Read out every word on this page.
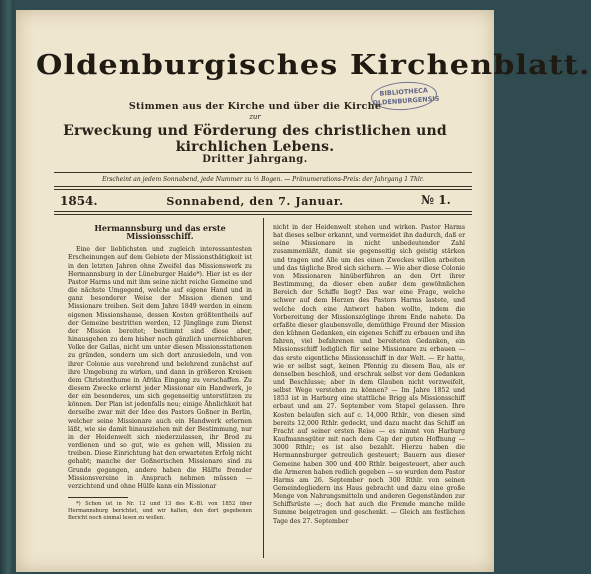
Oldenburgisches Kirchenblatt.
BIBLIOTHECA
OLDENBURGENSIS
Stimmen aus der Kirche und über die Kirche
zur
Erweckung und Förderung des christlichen und kirchlichen Lebens.
Dritter Jahrgang.
Erscheint an jedem Sonnabend, jede Nummer zu ½ Bogen. — Pränumerations-Preis: der Jahrgang 1 Thlr.
1854.	Sonnabend, den 7. Januar.	№ 1.
Hermannsburg und das erste Missionsschiff.

Eine der lieblichsten und zugleich interessantesten Erscheinungen auf dem Gebiete der Missionsthätigkeit ist in den letzten Jahren ohne Zweifel das Missionswerk zu Hermannsburg in der Lüneburger Haide*). Hier ist es der Pastor Harms und mit ihm seine nicht reiche Gemeine und die nächste Umgegend, welche auf eigene Hand und in ganz besonderer Weise der Mission dienen und Missionare treiben. Seit dem Jahre 1849 werden in einem eigenen Missionshause, dessen Kosten größtentheils auf der Gemeine bestritten werden, 12 Jünglinge zum Dienst der Mission bereitet; bestimmt sind diese aber, hinausgehen zu dem bisher noch gänzlich unerreichbaren Volke der Gallas, nicht um unter diesen Missionsstationen zu gründen, sondern um sich dort anzusiedeln, und von ihrer Colonie aus verehrend und belehrend zunächst auf ihre Umgebung zu wirken, und dann in größeren Kreisen dem Christenthume in Afrika Eingang zu verschaffen. Zu diesem Zwecke erlernt jeder Missionar ein Handwerk, je der ein besonderes, um sich gegenseitig unterstützen zu können. Der Plan ist jedenfalls neu; einige Ähnlichkeit hat derselbe zwar mit der Idee des Pastors Goßner in Berlin, welcher seine Missionare auch ein Handwerk erlernen läßt, wie sie damit hinausziehen mit der Bestimmung, nur in der Heidenwelt sich niederzulassen, ihr Brod zu verdienen und so gut, wie es gehen will, Mission zu treiben. Diese Einrichtung hat den erwarteten Erfolg nicht gehabt; manche der Goßnerischen Missionare sind zu Grunde gegangen, andere haben die Hälfte fremder Missionsvereine in Anspruch nehmen müssen — verzichtend und ohne Hülfe kann ein Missionar

*) Schon ist in Nr. 12 und 13 des K.-Bl. von 1852 über Hermannsburg berichtet, und wir halten, den dort gegebenen Bericht noch einmal lesen zu wollen.

nicht in der Heidenwelt stehen und wirken. Pastor Harms hat dieses selber erkannt, und vermeidet ihn dadurch, daß er seine Missionare in nicht unbedeutender Zahl zusammenläßt, damit sie gegenseitig sich geistig stärken und tragen und Alle um des einen Zweckes willen arbeiten und das tägliche Brod sich sichern. — Wie aber diese Colonie von Missionaren hinüberführen an den Ort ihrer Bestimmung, da dieser eben außer dem gewöhnlichen Bereich der Schiffe liegt? Das war eine Frage, welche schwer auf dem Herzen des Pastors Harms lastete, und welche doch eine Antwort haben wollte, indem die Vorbereitung der Missionszöglinge ihrem Ende nahete. Da erfaßte dieser glaubensvolle, demüthige Freund der Mission den kühnen Gedanken, ein eigenes Schiff zu erbauen und ihn fahren, viel befahrenen und bereiteten Gedanken, ein Missionsschiff lediglich für seine Missionare zu erbauen — das erste eigentliche Missionsschiff in der Welt. — Er hatte, wie er selbst sagt, keinen Pfennig zu diesem Bau, als er denselben beschloß, und erschrak selbst vor dem Gedanken und Beschlusse; aber in dem Glauben nicht verzweifelt, selbst Wege verstehen zu können? — Im Jahre 1852 und 1853 ist in Harburg eine stattliche Brigg als Missionsschiff erbaut und am 27. September vom Stapel gelassen. Ihre Kosten belaufen sich auf c. 14,000 Rthlr., von diesen sind bereits 12,000 Rthlr. gedeckt, und dazu macht das Schiff an Fracht auf seiner ersten Reise — es nimmt von Harburg Kaufmannsgüter mit nach dem Cap der guten Hoffnung — 3000 Rthlr.; es ist also bezahlt. Hierzu haben die Hermannsburger getreulich gesteuert; Bauern aus dieser Gemeine haben 300 und 400 Rthlr. beigesteuert, aber auch die Armeren haben redlich gegeben — so wurden dem Pastor Harms am 26. September noch 300 Rthlr. von seinen Gemeindegliedern ins Haus gebracht und dazu eine große Menge von Nahrungsmitteln und anderen Gegenständen zur Schiffsrüste —; doch hat auch die Fremde manche milde Summe beigetragen und geschenkt. — Gleich am festlichen Tage des 27. September
